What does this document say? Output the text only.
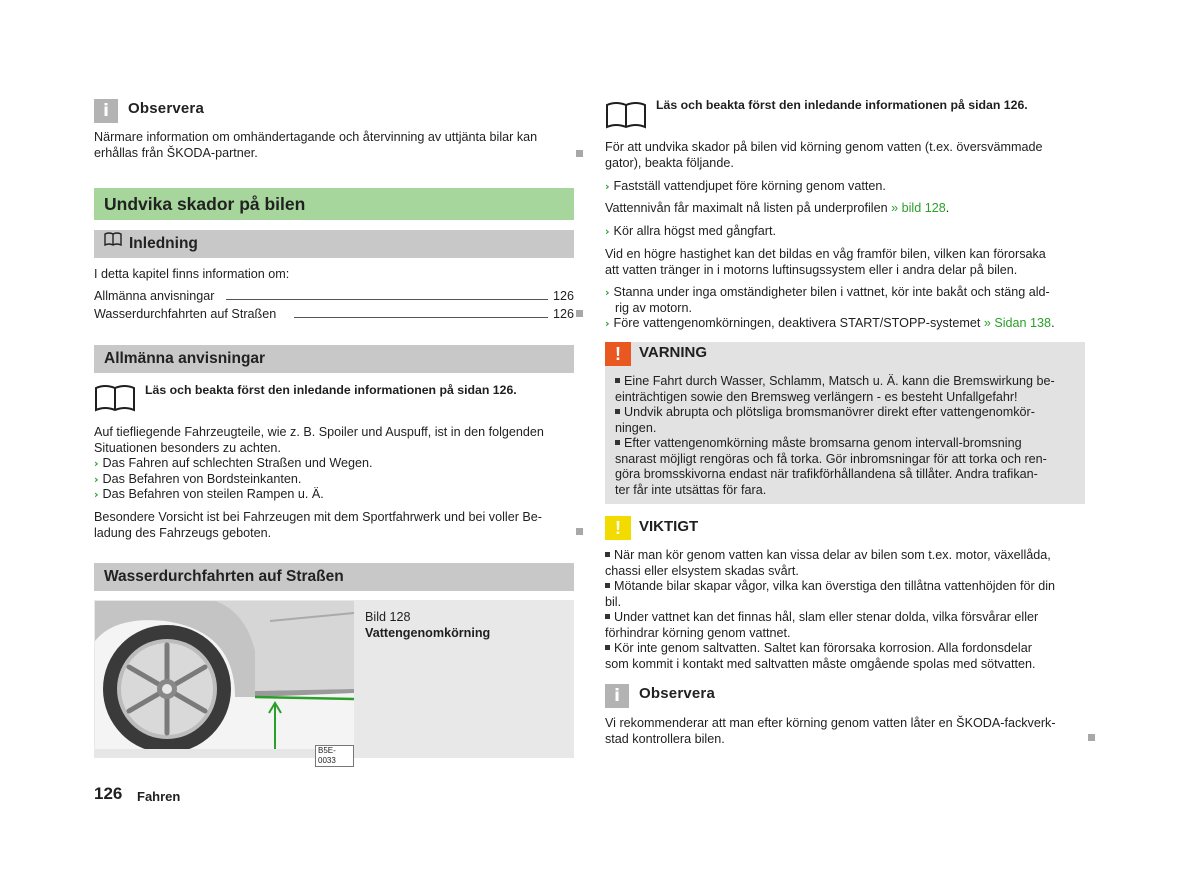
i	Observera

Närmare information om omhändertagande och återvinning av uttjänta bilar kan
erhållas från ŠKODA-partner.

Undvika skador på bilen
Inledning

I detta kapitel finns information om:

Allmänna anvisningar	126
Wasserdurchfahrten auf Straßen	126
Allmänna anvisningar
Läs och beakta först den inledande informationen på sidan 126.

Auf tiefliegende Fahrzeugteile, wie z. B. Spoiler und Auspuff, ist in den folgenden
Situationen besonders zu achten.

› Das Fahren auf schlechten Straßen und Wegen.
› Das Befahren von Bordsteinkanten.
› Das Befahren von steilen Rampen u. Ä.

Besondere Vorsicht ist bei Fahrzeugen mit dem Sportfahrwerk und bei voller Be-
ladung des Fahrzeugs geboten.

Wasserdurchfahrten auf Straßen
B5E-0033
Bild 128
Vattengenomkörning
Läs och beakta först den inledande informationen på sidan 126.

För att undvika skador på bilen vid körning genom vatten (t.ex. översvämmade
gator), beakta följande.

› Fastställ vattendjupet före körning genom vatten.

Vattennivån får maximalt nå listen på underprofilen » bild 128.

› Kör allra högst med gångfart.

Vid en högre hastighet kan det bildas en våg framför bilen, vilken kan förorsaka
att vatten tränger in i motorns luftinsugssystem eller i andra delar på bilen.

› Stanna under inga omständigheter bilen i vattnet, kör inte bakåt och stäng ald-
rig av motorn.

› Före vattengenomkörningen, deaktivera START/STOPP-systemet » Sidan 138.

!	VARNING

Eine Fahrt durch Wasser, Schlamm, Matsch u. Ä. kann die Bremswirkung be-
einträchtigen sowie den Bremsweg verlängern - es besteht Unfallgefahr!
Undvik abrupta och plötsliga bromsmanövrer direkt efter vattengenomkör-
ningen.
Efter vattengenomkörning måste bromsarna genom intervall-bromsning
snarast möjligt rengöras och få torka. Gör inbromsningar för att torka och ren-
göra bromsskivorna endast när trafikförhållandena så tillåter. Andra trafikan-
ter får inte utsättas för fara.

!	VIKTIGT

När man kör genom vatten kan vissa delar av bilen som t.ex. motor, växellåda,
chassi eller elsystem skadas svårt.
Mötande bilar skapar vågor, vilka kan överstiga den tillåtna vattenhöjden för din
bil.
Under vattnet kan det finnas hål, slam eller stenar dolda, vilka försvårar eller
förhindrar körning genom vattnet.
Kör inte genom saltvatten. Saltet kan förorsaka korrosion. Alla fordonsdelar
som kommit i kontakt med saltvatten måste omgående spolas med sötvatten.

i	Observera

Vi rekommenderar att man efter körning genom vatten låter en ŠKODA-fackverk-
stad kontrollera bilen.

126 Fahren
